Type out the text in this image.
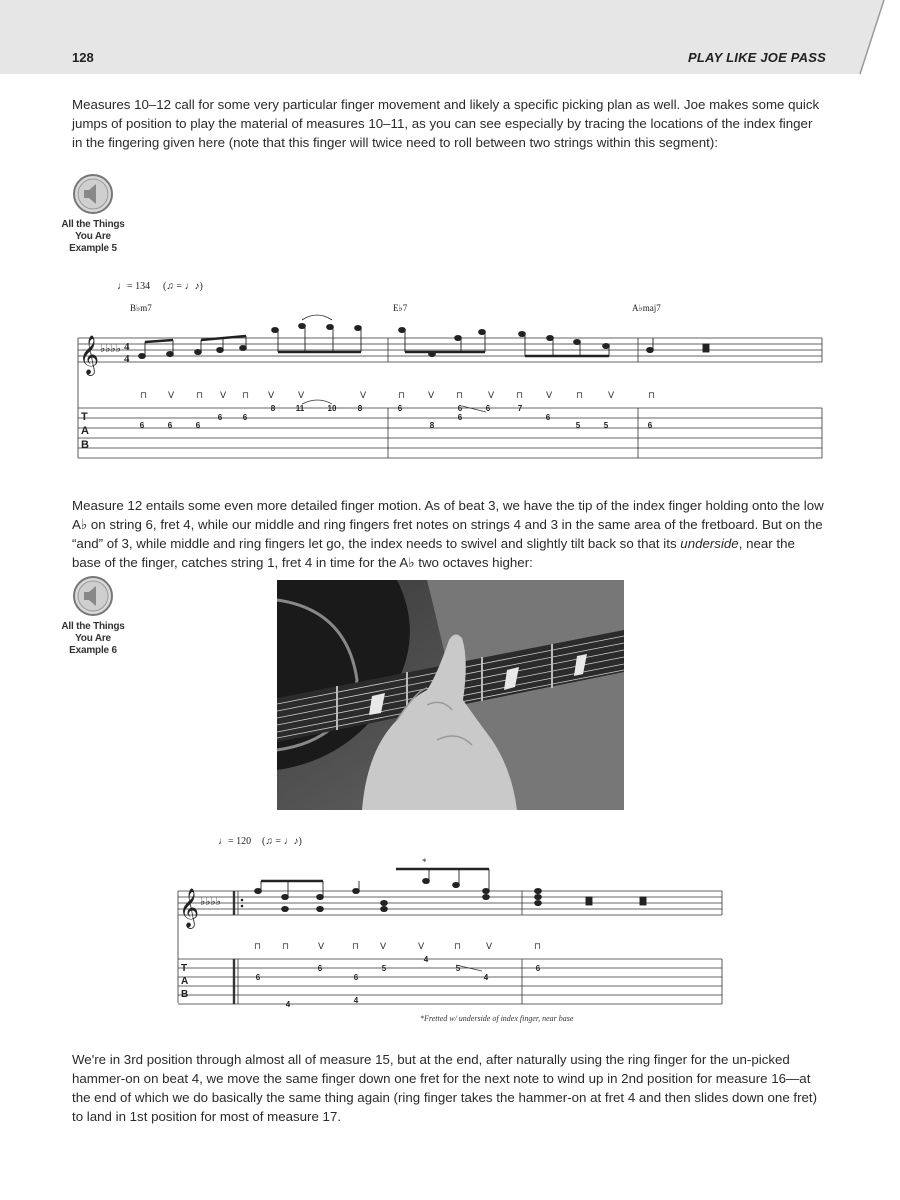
128	PLAY LIKE JOE PASS

Measures 10–12 call for some very particular finger movement and likely a specific picking plan as well. Joe makes some quick jumps of position to play the material of measures 10–11, as you can see especially by tracing the locations of the index finger in the fingering given here (note that this finger will twice need to roll between two strings within this segment):

All the Things
You Are
Example 5
♩= 134 (♫ = ♩♪)
B♭m7	E♭7	A♭maj7
𝄞 ♭♭♭♭ 4
4
⊓ V ⊓ V ⊓ V	V	V	⊓	V ⊓	V ⊓	V	⊓	V	⊓
T
A
B
8	11	10	8	6	6	6	7
6	6	6	6
6	6	6	8	5	5	6

Measure 12 entails some even more detailed finger motion. As of beat 3, we have the tip of the index finger holding onto the low A♭ on string 6, fret 4, while our middle and ring fingers fret notes on strings 4 and 3 in the same area of the fretboard. But on the “and” of 3, while middle and ring fingers let go, the index needs to swivel and slightly tilt back so that its underside, near the base of the finger, catches string 1, fret 4 in time for the A♭ two octaves higher:

All the Things
You Are
Example 6
♩= 120 (♫ = ♩♪)
𝄞 ♭♭♭♭
*
⊓ ⊓	V	⊓ V	V	⊓	V	⊓
T
A
B
4
6
6
6
5	5
4
4	4
6
*Fretted w/ underside of index finger, near base

We're in 3rd position through almost all of measure 15, but at the end, after naturally using the ring finger for the un-picked hammer-on on beat 4, we move the same finger down one fret for the next note to wind up in 2nd position for measure 16—at the end of which we do basically the same thing again (ring finger takes the hammer-on at fret 4 and then slides down one fret) to land in 1st position for most of measure 17.
